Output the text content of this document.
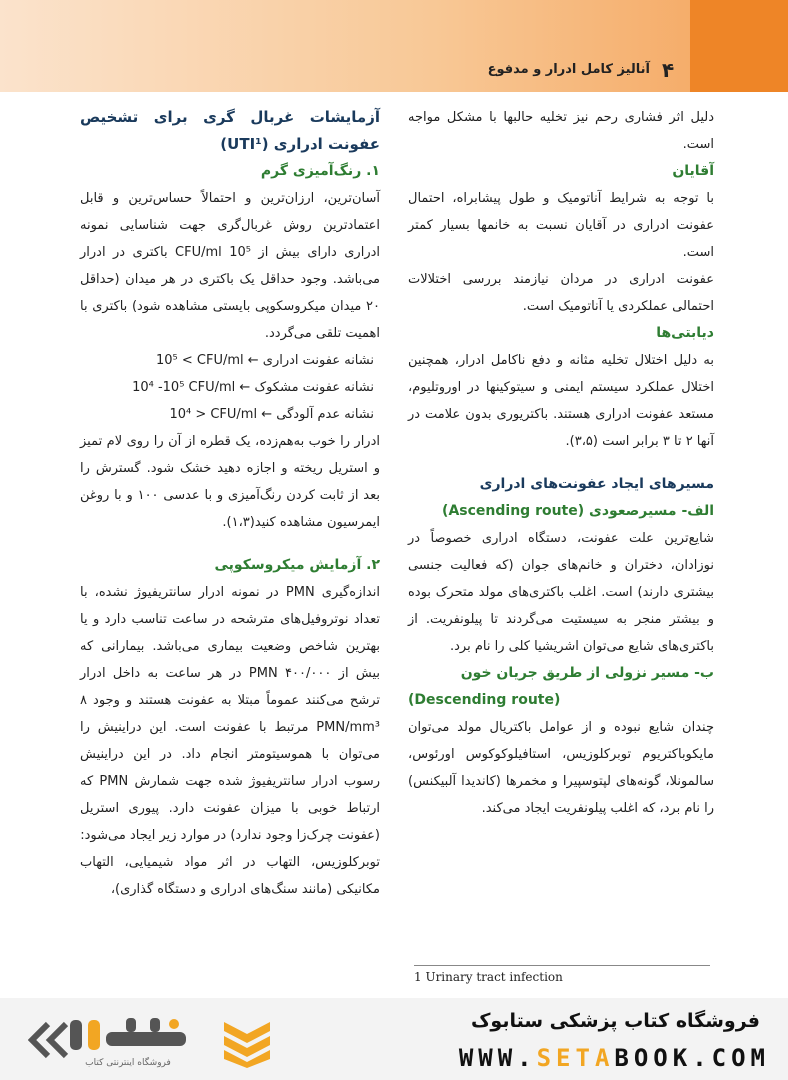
۴
آنالیز کامل ادرار و مدفوع

دلیل اثر فشاری رحم نیز تخلیه حالبها با مشکل مواجه است.

آقایان

با توجه به شرایط آناتومیک و طول پیشابراه، احتمال عفونت ادراری در آقایان نسبت به خانمها بسیار کمتر است.

عفونت ادراری در مردان نیازمند بررسی اختلالات احتمالی عملکردی یا آناتومیک است.

دیابتی‌ها

به دلیل اختلال تخلیه مثانه و دفع ناکامل ادرار، همچنین اختلال عملکرد سیستم ایمنی و سیتوکینها در اوروتلیوم، مستعد عفونت ادراری هستند. باکتریوری بدون علامت در آنها ۲ تا ۳ برابر است (۳،۵).

مسیرهای ایجاد عفونت‌های ادراری

الف- مسیرصعودی (Ascending route)

شایع‌ترین علت عفونت، دستگاه ادراری خصوصاً در نوزادان، دختران و خانم‌های جوان (که فعالیت جنسی بیشتری دارند) است. اغلب باکتری‌های مولد متحرک بوده و بیشتر منجر به سیستیت می‌گردند تا پیلونفریت. از باکتری‌های شایع می‌توان اشریشیا کلی را نام برد.

ب- مسیر نزولی از طریق جریان خون

(Descending route)

چندان شایع نبوده و از عوامل باکتریال مولد می‌توان مایکوباکتریوم توبرکلوزیس، استافیلوکوکوس اورئوس، سالمونلا، گونه‌های لپتوسپیرا و مخمرها (کاندیدا آلبیکنس) را نام برد، که اغلب پیلونفریت ایجاد می‌کند.

1 Urinary tract infection

آزمایشات غربال گری برای تشخیص عفونت ادراری (UTI¹)

۱. رنگ‌آمیزی گرم

آسان‌ترین، ارزان‌ترین و احتمالاً حساس‌ترین و قابل اعتمادترین روش غربال‌گری جهت شناسایی نمونه ادراری دارای بیش از 10⁵ CFU/ml باکتری در ادرار می‌باشد. وجود حداقل یک باکتری در هر میدان (حداقل ۲۰ میدان میکروسکوپی بایستی مشاهده شود) باکتری با اهمیت تلقی می‌گردد.

10⁵ < CFU/ml ← نشانه عفونت ادراری

10⁴ -10⁵ CFU/ml ← نشانه عفونت مشکوک

10⁴ > CFU/ml ← نشانه عدم آلودگی

ادرار را خوب به‌هم‌زده، یک قطره از آن را روی لام تمیز و استریل ریخته و اجازه دهید خشک شود. گسترش را بعد از ثابت کردن رنگ‌آمیزی و با عدسی ۱۰۰ و با روغن ایمرسیون مشاهده کنید(۱،۳).

۲. آزمایش میکروسکوپی

اندازه‌گیری PMN در نمونه ادرار سانتریفیوژ نشده، با تعداد نوتروفیل‌های مترشحه در ساعت تناسب دارد و یا بهترین شاخص وضعیت بیماری می‌باشد. بیمارانی که بیش از ۴۰۰/۰۰۰ PMN در هر ساعت به داخل ادرار ترشح می‌کنند عموماً مبتلا به عفونت هستند و وجود ۸ PMN/mm³ مرتبط با عفونت است. این دراینیش را می‌توان با هموسیتومتر انجام داد. در این دراینیش رسوب ادرار سانتریفیوژ شده جهت شمارش PMN که ارتباط خوبی با میزان عفونت دارد. پیوری استریل (عفونت چرک‌زا وجود ندارد) در موارد زیر ایجاد می‌شود:

توبرکلوزیس، التهاب در اثر مواد شیمیایی، التهاب مکانیکی (مانند سنگ‌های ادراری و دستگاه گذاری)،

فروشگاه کتاب پزشکی ستابوک
WWW.SETABOOK.COM
فروشگاه اینترنتی کتاب
